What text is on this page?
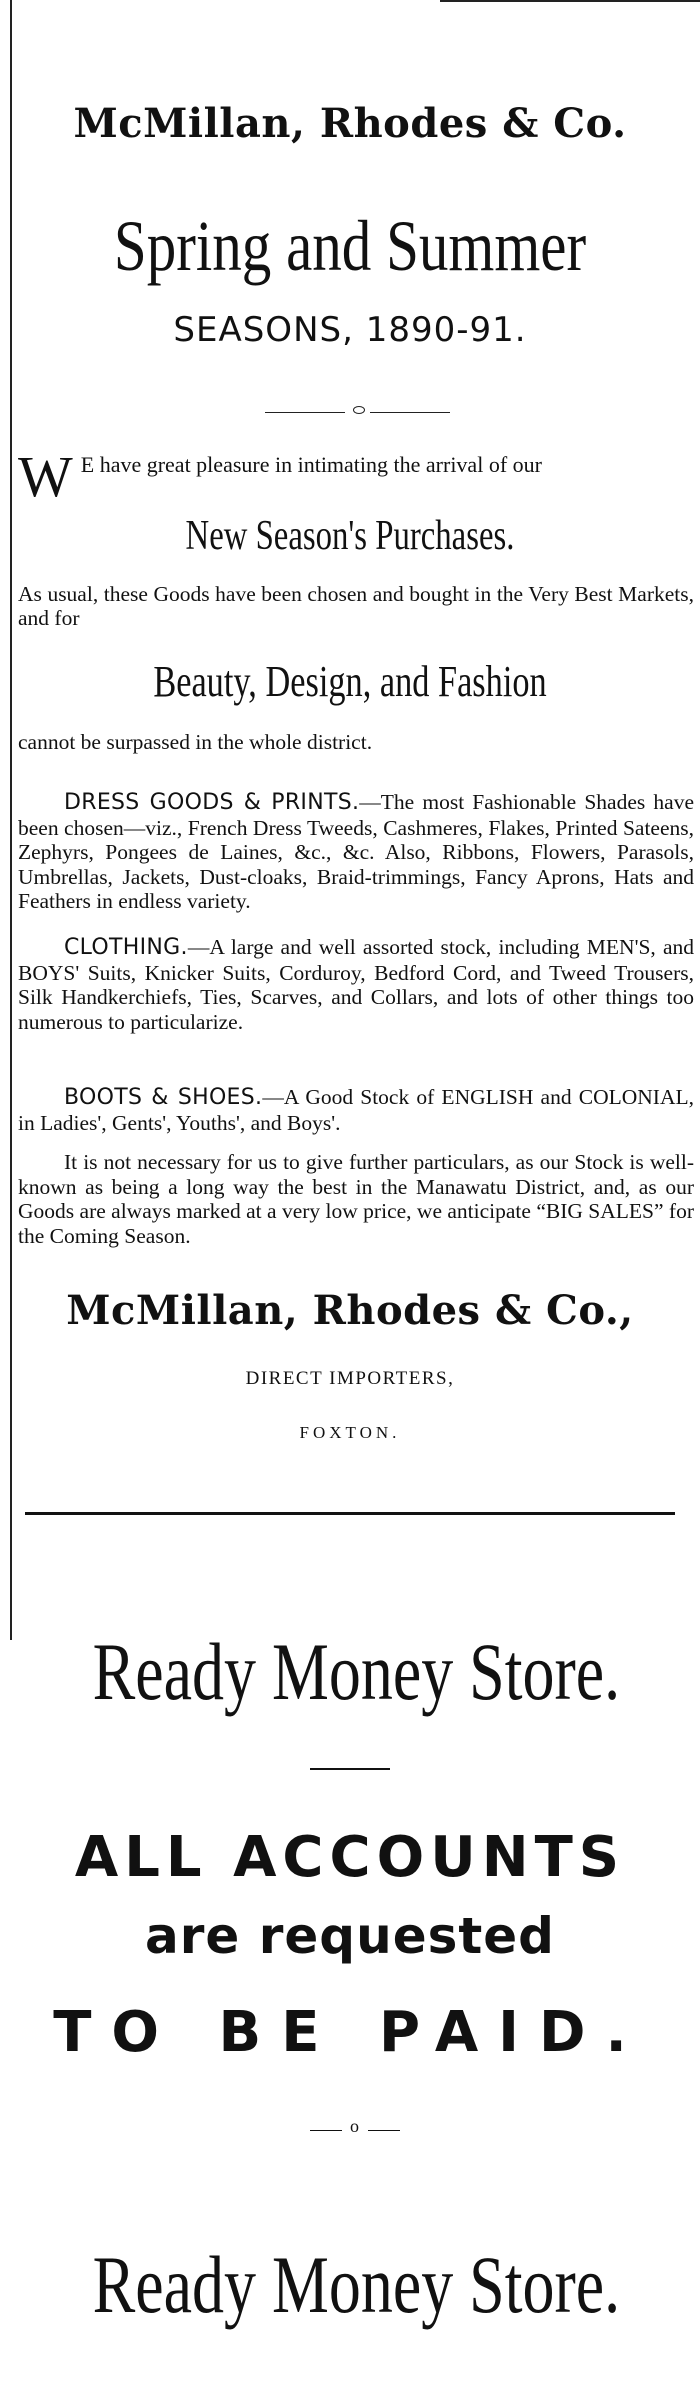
McMillan, Rhodes & Co.
Spring and Summer
SEASONS, 1890-91.
W E have great pleasure in intimating the arrival of our
New Season's Purchases.
As usual, these Goods have been chosen and bought in the Very Best Markets, and for
Beauty, Design, and Fashion
cannot be surpassed in the whole district.
DRESS GOODS & PRINTS.—The most Fashionable Shades have been chosen—viz., French Dress Tweeds, Cashmeres, Flakes, Printed Sateens, Zephyrs, Pongees de Laines, &c., &c. Also, Ribbons, Flowers, Parasols, Umbrellas, Jackets, Dust-cloaks, Braid-trimmings, Fancy Aprons, Hats and Feathers in endless variety.
CLOTHING.—A large and well assorted stock, including MEN'S, and BOYS' Suits, Knicker Suits, Corduroy, Bedford Cord, and Tweed Trousers, Silk Handkerchiefs, Ties, Scarves, and Collars, and lots of other things too numerous to particularize.
BOOTS & SHOES.—A Good Stock of ENGLISH and COLONIAL, in Ladies', Gents', Youths', and Boys'.
It is not necessary for us to give further particulars, as our Stock is well-known as being a long way the best in the Manawatu District, and, as our Goods are always marked at a very low price, we anticipate “BIG SALES” for the Coming Season.
McMillan, Rhodes & Co.,
DIRECT IMPORTERS,
FOXTON.
Ready Money Store.
ALL ACCOUNTS
are requested
TO BE PAID.
o
Ready Money Store.
